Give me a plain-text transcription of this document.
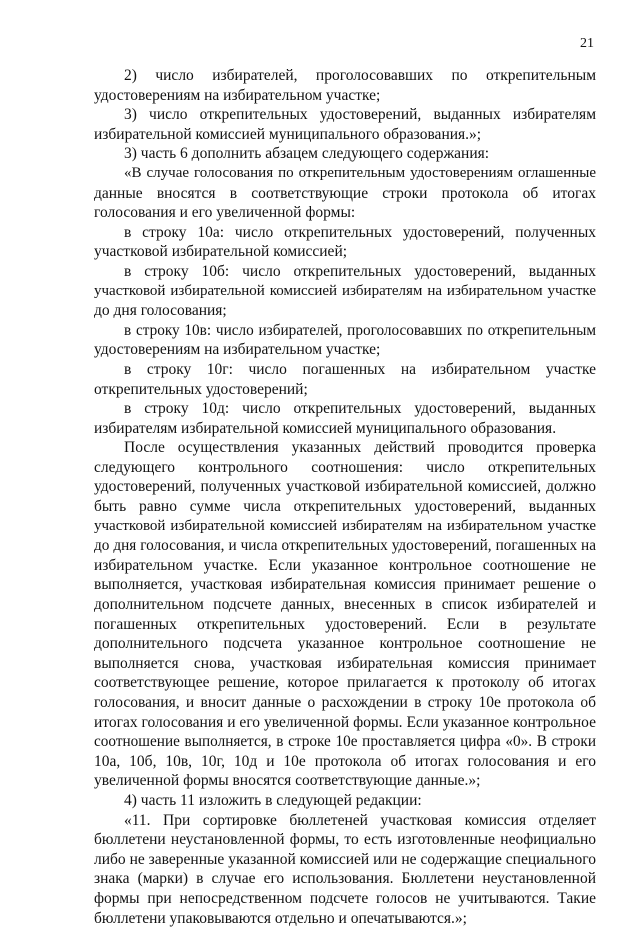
21

2) число избирателей, проголосовавших по открепительным

удостоверениям на избирательном участке;

3) число открепительных удостоверений, выданных избирателям

избирательной комиссией муниципального образования.»;

3) часть 6 дополнить абзацем следующего содержания:

«В случае голосования по открепительным удостоверениям оглашенные

данные вносятся в соответствующие строки протокола об итогах

голосования и его увеличенной формы:

в строку 10а: число открепительных удостоверений, полученных

участковой избирательной комиссией;

в строку 10б: число открепительных удостоверений, выданных

участковой избирательной комиссией избирателям на избирательном участке

до дня голосования;

в строку 10в: число избирателей, проголосовавших по открепительным

удостоверениям на избирательном участке;

в строку 10г: число погашенных на избирательном участке

открепительных удостоверений;

в строку 10д: число открепительных удостоверений, выданных

избирателям избирательной комиссией муниципального образования.

После осуществления указанных действий проводится проверка

следующего контрольного соотношения: число открепительных

удостоверений, полученных участковой избирательной комиссией, должно

быть равно сумме числа открепительных удостоверений, выданных

участковой избирательной комиссией избирателям на избирательном участке

до дня голосования, и числа открепительных удостоверений, погашенных на

избирательном участке. Если указанное контрольное соотношение не

выполняется, участковая избирательная комиссия принимает решение о

дополнительном подсчете данных, внесенных в список избирателей и

погашенных открепительных удостоверений. Если в результате

дополнительного подсчета указанное контрольное соотношение не

выполняется снова, участковая избирательная комиссия принимает

соответствующее решение, которое прилагается к протоколу об итогах

голосования, и вносит данные о расхождении в строку 10е протокола об

итогах голосования и его увеличенной формы. Если указанное контрольное

соотношение выполняется, в строке 10е проставляется цифра «0». В строки

10а, 10б, 10в, 10г, 10д и 10е протокола об итогах голосования и его

увеличенной формы вносятся соответствующие данные.»;

4) часть 11 изложить в следующей редакции:

«11. При сортировке бюллетеней участковая комиссия отделяет

бюллетени неустановленной формы, то есть изготовленные неофициально

либо не заверенные указанной комиссией или не содержащие специального

знака (марки) в случае его использования. Бюллетени неустановленной

формы при непосредственном подсчете голосов не учитываются. Такие

бюллетени упаковываются отдельно и опечатываются.»;
